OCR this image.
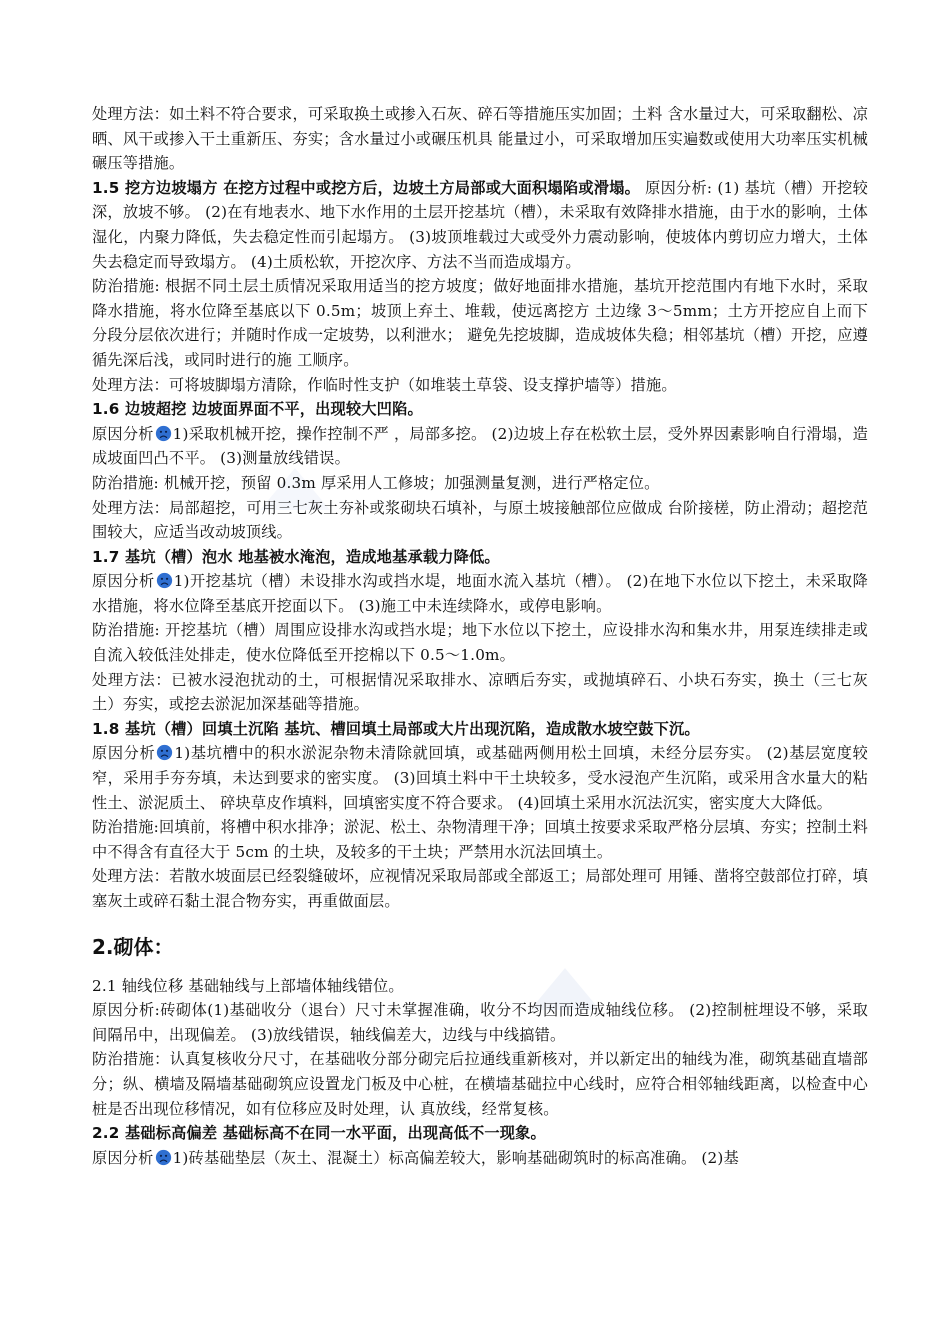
处理方法：如土料不符合要求，可采取换土或掺入石灰、碎石等措施压实加固；土料 含水量过大，可采取翻松、凉晒、风干或掺入干土重新压、夯实；含水量过小或碾压机具 能量过小，可采取增加压实遍数或使用大功率压实机械碾压等措施。

1.5 挖方边坡塌方 在挖方过程中或挖方后，边坡土方局部或大面积塌陷或滑塌。 原因分析: (1) 基坑（槽）开挖较深，放坡不够。 (2)在有地表水、地下水作用的土层开挖基坑（槽），未采取有效降排水措施，由于水的影响，土体湿化，内聚力降低，失去稳定性而引起塌方。 (3)坡顶堆载过大或受外力震动影响，使坡体内剪切应力增大，土体失去稳定而导致塌方。 (4)土质松软，开挖次序、方法不当而造成塌方。

防治措施: 根据不同土层土质情况采取用适当的挖方坡度；做好地面排水措施，基坑开挖范围内有地下水时，采取降水措施，将水位降至基底以下 0.5m；坡顶上弃土、堆载，使远离挖方 土边缘 3～5mm；土方开挖应自上而下分段分层依次进行；并随时作成一定坡势，以利泄水； 避免先挖坡脚，造成坡体失稳；相邻基坑（槽）开挖，应遵循先深后浅，或同时进行的施 工顺序。

处理方法：可将坡脚塌方清除，作临时性支护（如堆装土草袋、设支撑护墙等）措施。

1.6 边坡超挖 边坡面界面不平，出现较大凹陷。

原因分析 1)采取机械开挖，操作控制不严 ，局部多挖。 (2)边坡上存在松软土层，受外界因素影响自行滑塌，造成坡面凹凸不平。 (3)测量放线错误。

防治措施: 机械开挖，预留 0.3m 厚采用人工修坡；加强测量复测，进行严格定位。

处理方法：局部超挖，可用三七灰土夯补或浆砌块石填补，与原土坡接触部位应做成 台阶接槎，防止滑动；超挖范围较大，应适当改动坡顶线。

1.7 基坑（槽）泡水 地基被水淹泡，造成地基承载力降低。

原因分析 1)开挖基坑（槽）未设排水沟或挡水堤，地面水流入基坑（槽）。 (2)在地下水位以下挖土，未采取降水措施，将水位降至基底开挖面以下。 (3)施工中未连续降水，或停电影响。

防治措施: 开挖基坑（槽）周围应设排水沟或挡水堤；地下水位以下挖土，应设排水沟和集水井，用泵连续排走或自流入较低洼处排走，使水位降低至开挖棉以下 0.5～1.0m。

处理方法：已被水浸泡扰动的土，可根据情况采取排水、凉晒后夯实，或抛填碎石、小块石夯实，换土（三七灰土）夯实，或挖去淤泥加深基础等措施。

1.8 基坑（槽）回填土沉陷 基坑、槽回填土局部或大片出现沉陷，造成散水坡空鼓下沉。

原因分析 1)基坑槽中的积水淤泥杂物未清除就回填，或基础两侧用松土回填，未经分层夯实。 (2)基层宽度较窄，采用手夯夯填，未达到要求的密实度。 (3)回填土料中干土块较多，受水浸泡产生沉陷，或采用含水量大的粘性土、淤泥质土、 碎块草皮作填料，回填密实度不符合要求。 (4)回填土采用水沉法沉实，密实度大大降低。

防治措施:回填前，将槽中积水排净；淤泥、松土、杂物清理干净；回填土按要求采取严格分层填、夯实；控制土料中不得含有直径大于 5cm 的土块，及较多的干土块；严禁用水沉法回填土。

处理方法：若散水坡面层已经裂缝破坏，应视情况采取局部或全部返工；局部处理可 用锤、凿将空鼓部位打碎，填塞灰土或碎石黏土混合物夯实，再重做面层。

2.砌体：

2.1 轴线位移 基础轴线与上部墙体轴线错位。

原因分析:砖砌体(1)基础收分（退台）尺寸未掌握准确，收分不均因而造成轴线位移。 (2)控制桩埋设不够，采取间隔吊中，出现偏差。 (3)放线错误，轴线偏差大，边线与中线搞错。

防治措施：认真复核收分尺寸，在基础收分部分砌完后拉通线重新核对，并以新定出的轴线为准，砌筑基础直墙部分；纵、横墙及隔墙基础砌筑应设置龙门板及中心桩，在横墙基础拉中心线时，应符合相邻轴线距离，以检查中心桩是否出现位移情况，如有位移应及时处理，认 真放线，经常复核。

2.2 基础标高偏差 基础标高不在同一水平面，出现高低不一现象。

原因分析 1)砖基础垫层（灰土、混凝土）标高偏差较大，影响基础砌筑时的标高准确。 (2)基
